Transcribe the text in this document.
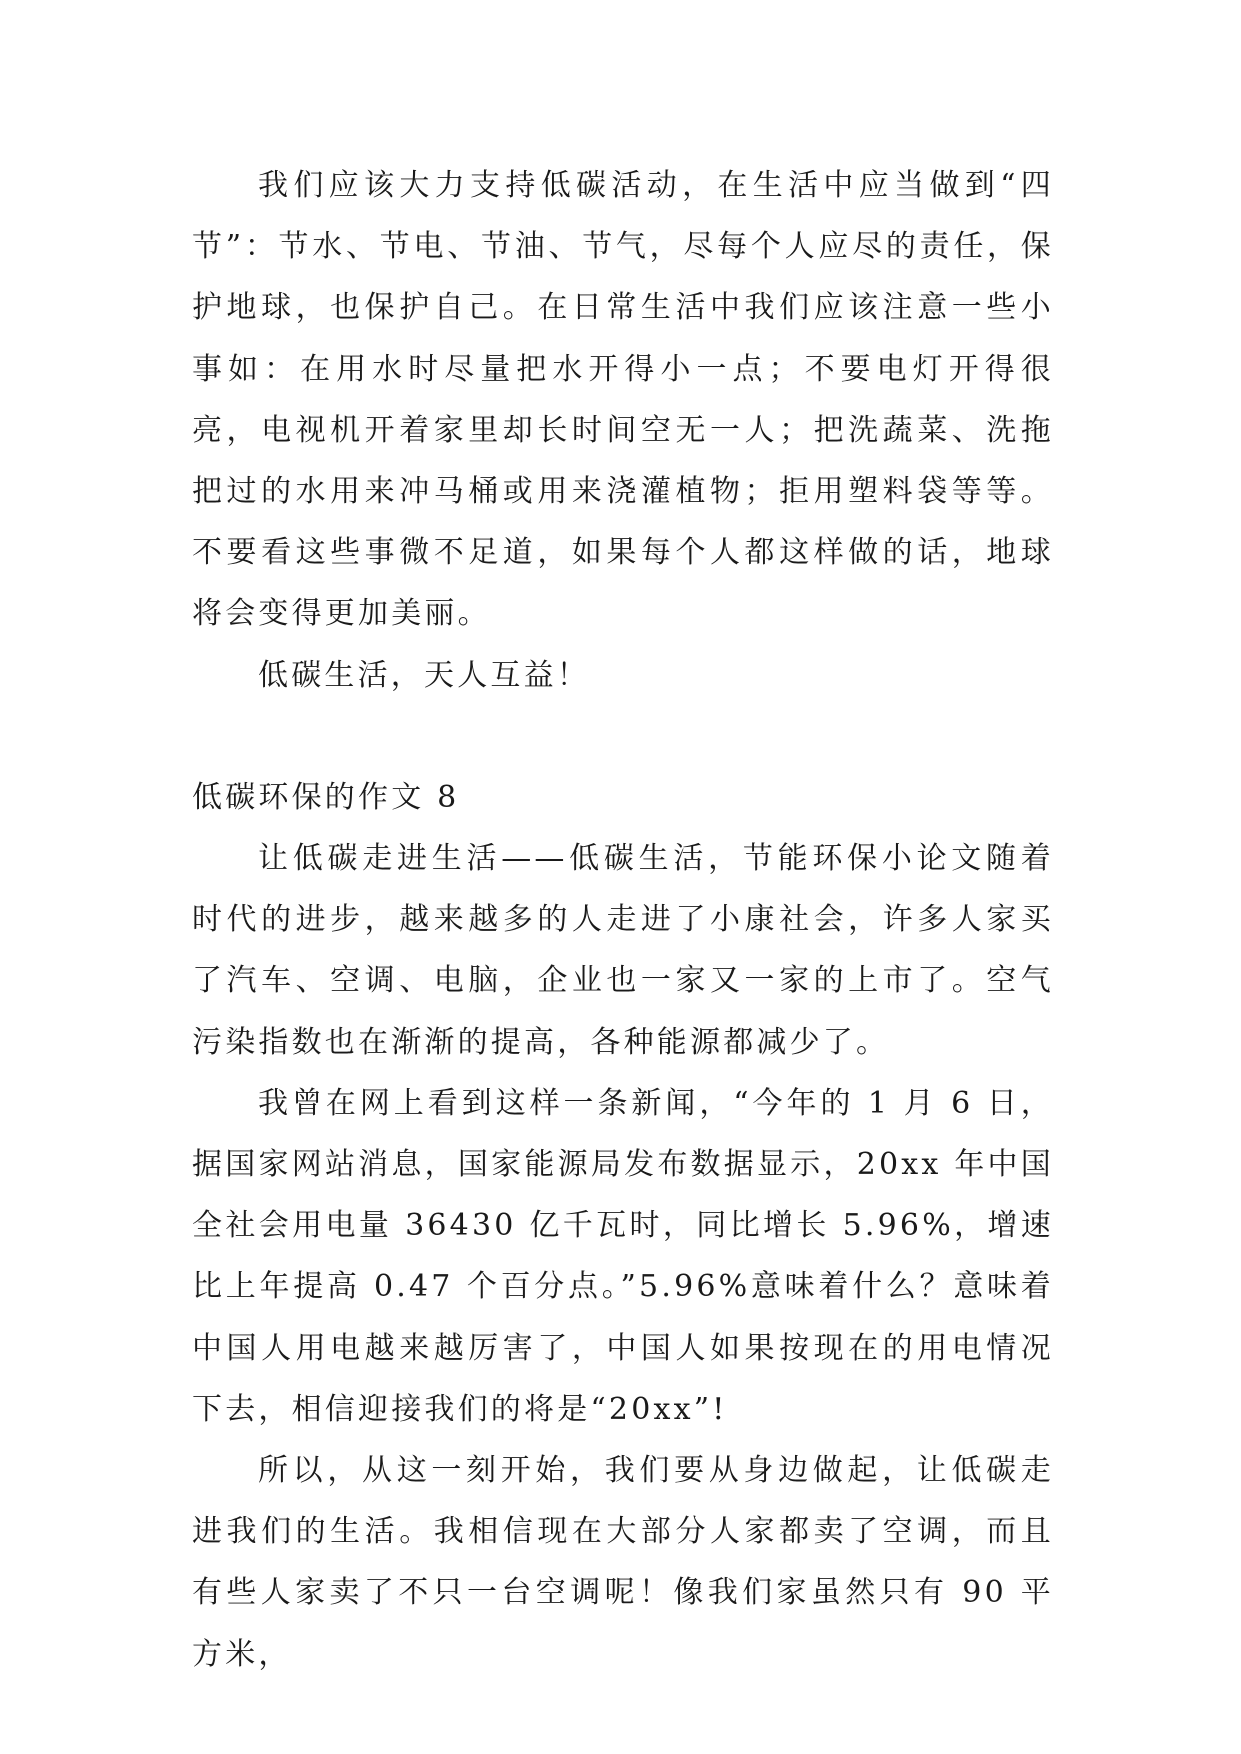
我们应该大力支持低碳活动，在生活中应当做到“四节”：节水、节电、节油、节气，尽每个人应尽的责任，保护地球，也保护自己。在日常生活中我们应该注意一些小事如：在用水时尽量把水开得小一点；不要电灯开得很亮，电视机开着家里却长时间空无一人；把洗蔬菜、洗拖把过的水用来冲马桶或用来浇灌植物；拒用塑料袋等等。不要看这些事微不足道，如果每个人都这样做的话，地球将会变得更加美丽。

低碳生活，天人互益！

低碳环保的作文 8

让低碳走进生活——低碳生活，节能环保小论文随着时代的进步，越来越多的人走进了小康社会，许多人家买了汽车、空调、电脑，企业也一家又一家的上市了。空气污染指数也在渐渐的提高，各种能源都减少了。

我曾在网上看到这样一条新闻，“今年的 1 月 6 日，据国家网站消息，国家能源局发布数据显示，20xx 年中国全社会用电量 36430 亿千瓦时，同比增长 5.96%，增速比上年提高 0.47 个百分点。”5.96%意味着什么？意味着中国人用电越来越厉害了，中国人如果按现在的用电情况下去，相信迎接我们的将是“20xx”!

所以，从这一刻开始，我们要从身边做起，让低碳走进我们的生活。我相信现在大部分人家都卖了空调，而且有些人家卖了不只一台空调呢！像我们家虽然只有 90 平方米，
